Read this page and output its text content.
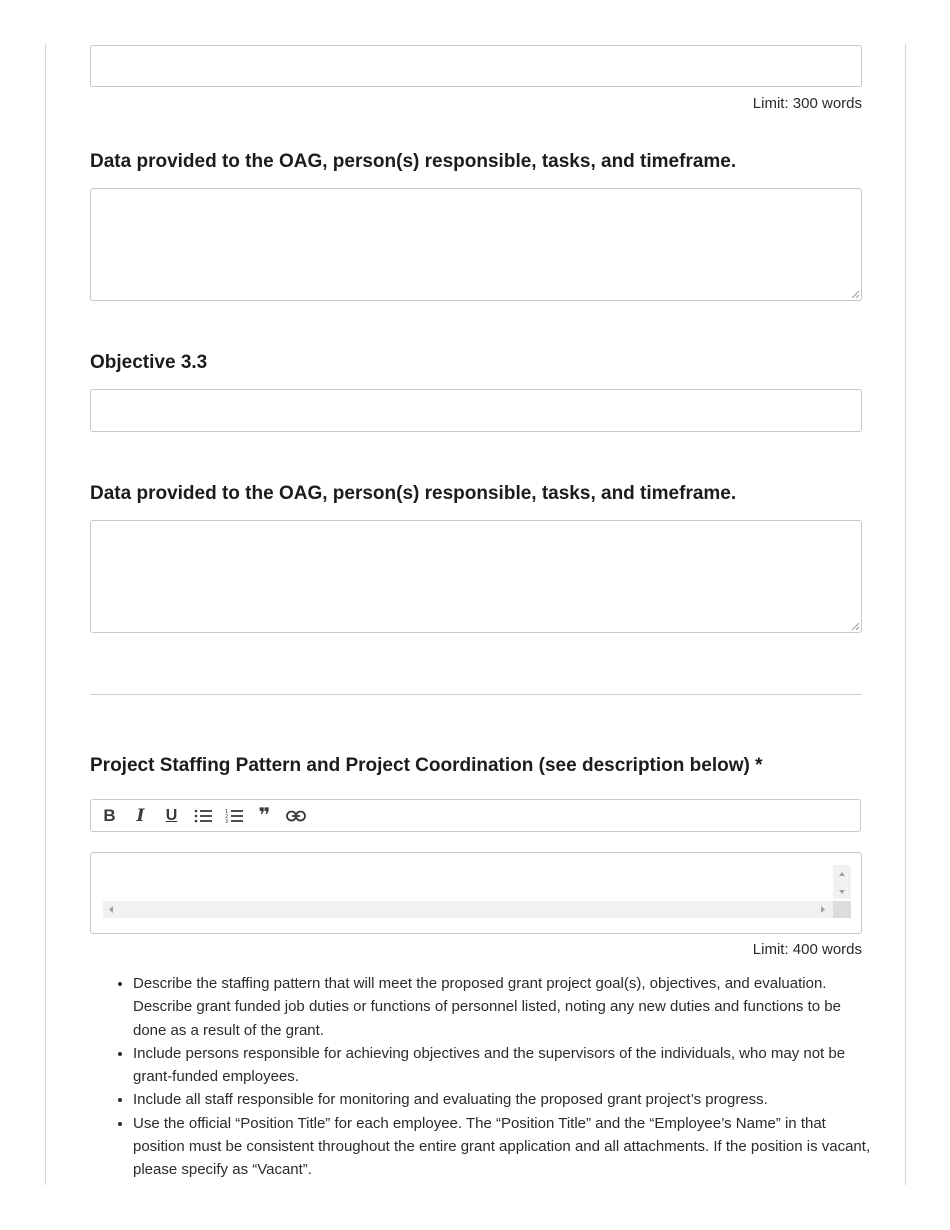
Limit: 300 words
Data provided to the OAG, person(s) responsible, tasks, and timeframe.
Objective 3.3
Data provided to the OAG, person(s) responsible, tasks, and timeframe.
Project Staffing Pattern and Project Coordination (see description below) *
B I U	1
2
3 ❞
Limit: 400 words
• Describe the staffing pattern that will meet the proposed grant project goal(s), objectives, and evaluation. Describe grant funded job duties or functions of personnel listed, noting any new duties and functions to be done as a result of the grant.
• Include persons responsible for achieving objectives and the supervisors of the individuals, who may not be grant-funded employees.
• Include all staff responsible for monitoring and evaluating the proposed grant project’s progress.
• Use the official “Position Title” for each employee. The “Position Title” and the “Employee’s Name” in that position must be consistent throughout the entire grant application and all attachments. If the position is vacant, please specify as “Vacant”.
